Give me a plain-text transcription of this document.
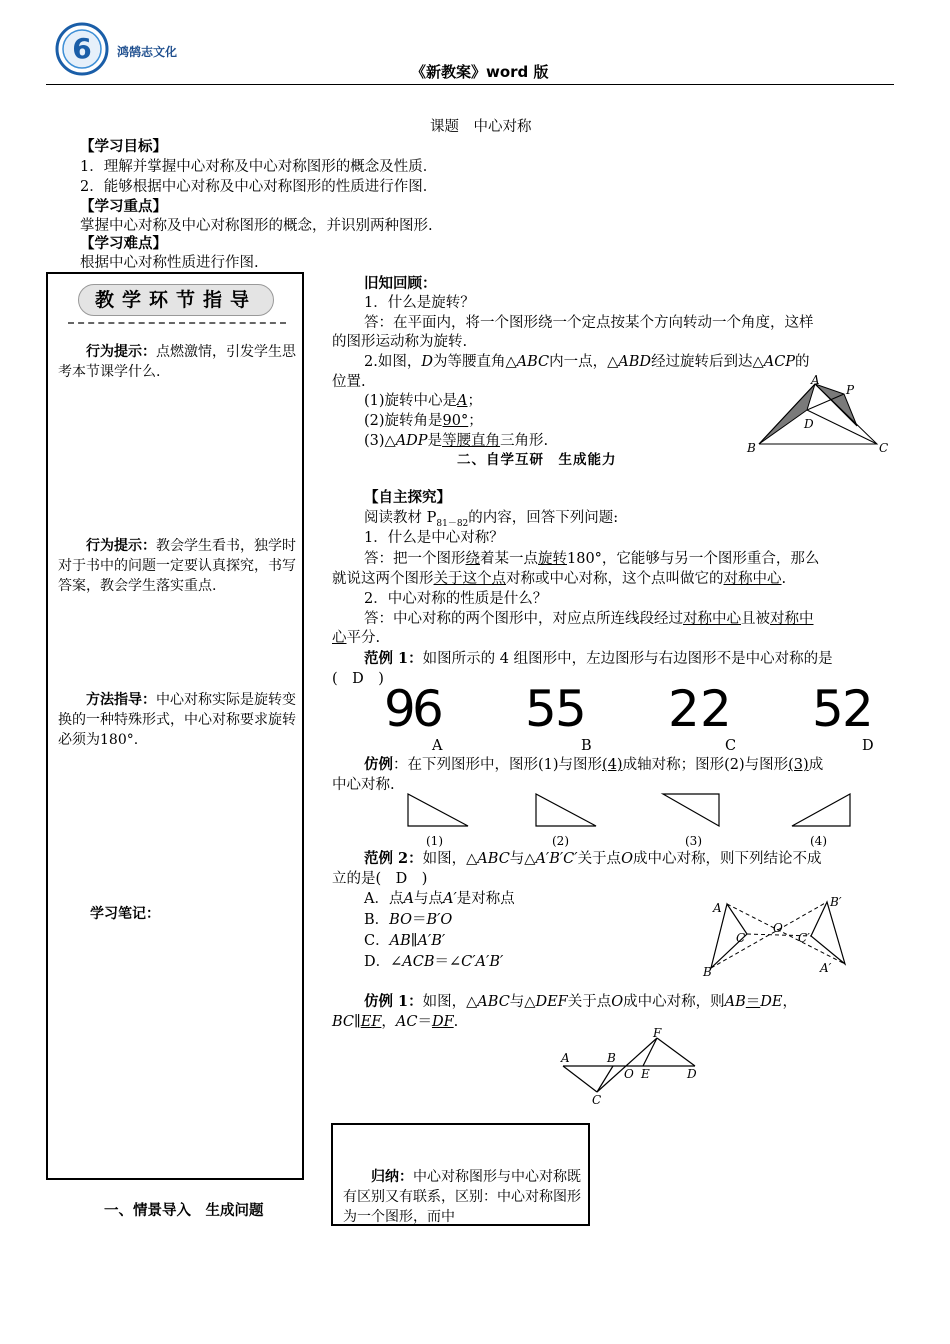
6 鸿鹄志文化
《新教案》word 版
课题　中心对称
【学习目标】
1．理解并掌握中心对称及中心对称图形的概念及性质．
2．能够根据中心对称及中心对称图形的性质进行作图．
【学习重点】
掌握中心对称及中心对称图形的概念，并识别两种图形.
【学习难点】
根据中心对称性质进行作图.
教学环节指导
行为提示：点燃激情，引发学生思考本节课学什么.
行为提示：教会学生看书，独学时对于书中的问题一定要认真探究，书写答案，教会学生落实重点.
方法指导：中心对称实际是旋转变换的一种特殊形式，中心对称要求旋转必须为180°.
学习笔记：
一、情景导入　生成问题
旧知回顾：
1．什么是旋转？
答：在平面内，将一个图形绕一个定点按某个方向转动一个角度，这样
的图形运动称为旋转.
2.如图，D为等腰直角△ABC内一点，△ABD经过旋转后到达△ACP的
位置.
(1)旋转中心是A；
(2)旋转角是90°；
(3)△ADP是等腰直角三角形.
A
P
D
B	C
二、自学互研　生成能力
【自主探究】
阅读教材 $P_{81-82}$的内容，回答下列问题:
1．什么是中心对称？
答：把一个图形绕着某一点旋转180°，它能够与另一个图形重合，那么
就说这两个图形关于这个点对称或中心对称，这个点叫做它的对称中心.
2．中心对称的性质是什么？
答：中心对称的两个图形中，对应点所连线段经过对称中心且被对称中
心平分.
范例 1：如图所示的 4 组图形中，左边图形与右边图形不是中心对称的是
(　D　)
9
6 5
5 2 2 5
2
A	B	C	D
仿例：在下列图形中，图形(1)与图形(4)成轴对称；图形(2)与图形(3)成
中心对称.
(1)	(2)	(3)	(4)
范例 2：如图，△ABC与△A′B′C′关于点O成中心对称，则下列结论不成
立的是(　D　)
A．点A与点A′是对称点
B．BO＝B′O
C．AB∥A′B′
D．∠ACB＝∠C′A′B′
A	B′
C
O
C′
B	A′
仿例 1：如图，△ABC与△DEF关于点O成中心对称，则AB＝DE，
BC∥EF，AC＝DF.
F
A	B
O E	D
C
归纳：中心对称图形与中心对称既有区别又有联系，区别：中心对称图形为一个图形，而中
